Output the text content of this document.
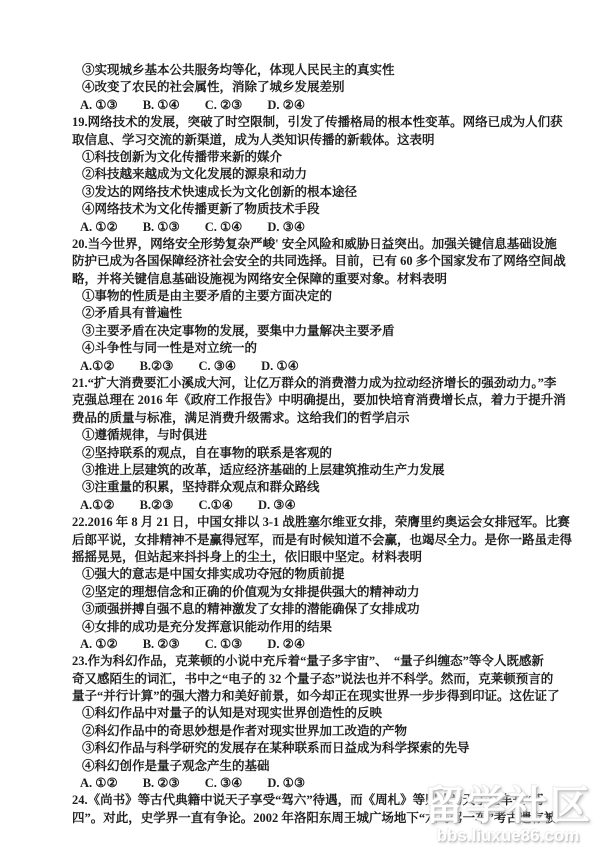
③实现城乡基本公共服务均等化，体现人民民主的真实性
④改变了农民的社会属性，消除了城乡发展差别
A. ①③　　B. ①④　　C. ②③　　D. ②④
19.网络技术的发展，突破了时空限制，引发了传播格局的根本性变革。网络已成为人们获
取信息、学习交流的新渠道，成为人类知识传播的新载体。这表明
①科技创新为文化传播带来新的媒介
②科技越来越成为文化发展的源泉和动力
③发达的网络技术快速成长为文化创新的根本途径
④网络技术为文化传播更新了物质技术手段
A. ①②　　B. ①③　　C. ①④　　D. ③④
20.当今世界，网络安全形势复杂严峻' 安全风险和威胁日益突出。加强关键信息基础设施
防护已成为各国保障经济社会安全的共同选择。目前，已有 60 多个国家发布了网络空间战
略，并将关键信息基础设施视为网络安全保障的重要对象。材料表明
①事物的性质是由主要矛盾的主要方面决定的
②矛盾具有普遍性
③主要矛盾在决定事物的发展，要集中力量解决主要矛盾
④斗争性与同一性是对立统一的
A.①②　　B.②③　　C. ③④　　D. ①④
21.“扩大消费要汇小溪成大河，让亿万群众的消费潜力成为拉动经济增长的强劲动力。”李
克强总理在 2016 年《政府工作报告》中明确提出，要加快培育消费增长点，着力于提升消
费品的质量与标准，满足消费升级需求。这给我们的哲学启示
①遵循规律，与时俱进
②坚持联系的观点，自在事物的联系是客观的
③推进上层建筑的改革，适应经济基础的上层建筑推动生产力发展
③注重量的积累，坚持群众观点和群众路线
A.①②　　B.②③　　C.①④　　D. ③④
22.2016 年 8 月 21 日，中国女排以 3-1 战胜塞尔维亚女排，荣膺里约奥运会女排冠军。比赛
后郎平说，女排精神不是赢得冠军，而是有时候知道不会赢，也竭尽全力。是你一路虽走得
摇摇晃晃，但站起来抖抖身上的尘土，依旧眼中坚定。材料表明
①强大的意志是中国女排实成功夺冠的物质前提
②坚定的理想信念和正确的价值观为女排提供强大的精神动力
③顽强拼搏自强不息的精神激发了女排的潜能确保了女排成功
④女排的成功是充分发挥意识能动作用的结果
A. ①②　　B. ②③　　C. ①③　　D. ②④
23.作为科幻作品，克莱顿的小说中充斥着“量子多宇宙”、　“量子纠缠态”等令人既感新
奇又感陌生的词汇，书中之“电子的 32 个量子态”说法也并不科学。然而，克莱顿预言的
量子“并行计算”的强大潜力和美好前景，如今却正在现实世界一步步得到印证。这佐证了
①科幻作品中对量子的认知是对现实世界创造性的反映
②科幻作品中的奇思妙想是作者对现实世界加工改造的产物
③科幻作品与科学研究的发展存在某种联系而日益成为科学探索的先导
④科幻创作是量子观念产生的基础
A. ①②　　B. ②③　　C. ③④　　D. ①③
24.《尚书》等古代典籍中说天子享受“驾六”待遇，而《周札》等则认为天子坐车是“驾
四”。对此，史学界一直有争论。2002 年洛阳东周王城广场地下“六马驾一车”考古遗存被
留学社区
bbs.liuxue86.com
